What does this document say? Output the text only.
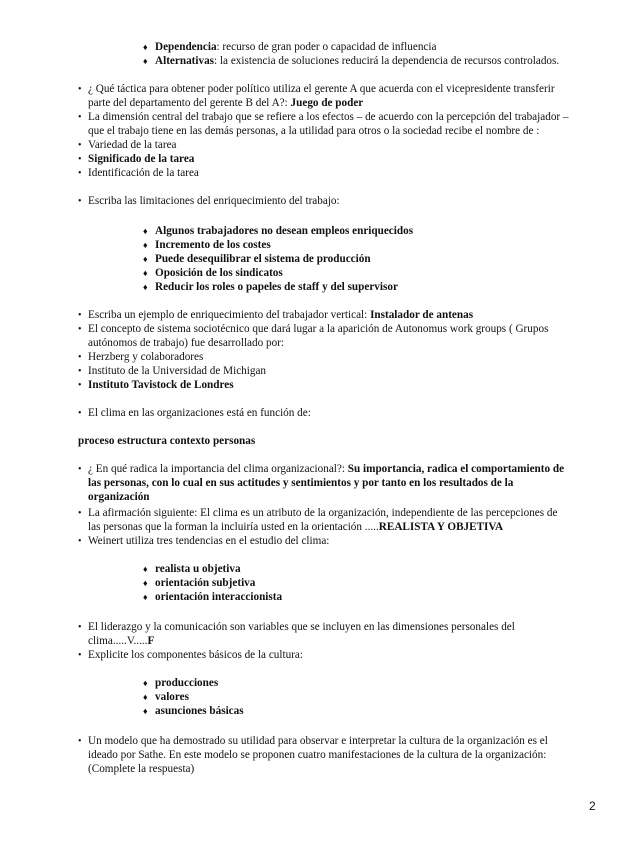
♦ Dependencia: recurso de gran poder o capacidad de influencia
♦ Alternativas: la existencia de soluciones reducirá la dependencia de recursos controlados.
• ¿ Qué táctica para obtener poder político utiliza el gerente A que acuerda con el vicepresidente transferir
parte del departamento del gerente B del A?: Juego de poder
• La dimensión central del trabajo que se refiere a los efectos – de acuerdo con la percepción del trabajador –
que el trabajo tiene en las demás personas, a la utilidad para otros o la sociedad recibe el nombre de :
• Variedad de la tarea
• Significado de la tarea
• Identificación de la tarea
• Escriba las limitaciones del enriquecimiento del trabajo:
♦ Algunos trabajadores no desean empleos enriquecidos
♦ Incremento de los costes
♦ Puede desequilibrar el sistema de producción
♦ Oposición de los sindicatos
♦ Reducir los roles o papeles de staff y del supervisor
• Escriba un ejemplo de enriquecimiento del trabajador vertical: Instalador de antenas
• El concepto de sistema sociotécnico que dará lugar a la aparición de Autonomus work groups ( Grupos
autónomos de trabajo) fue desarrollado por:
• Herzberg y colaboradores
• Instituto de la Universidad de Michigan
• Instituto Tavistock de Londres
• El clima en las organizaciones está en función de:
proceso estructura contexto personas
• ¿ En qué radica la importancia del clima organizacional?: Su importancia, radica el comportamiento de
las personas, con lo cual en sus actitudes y sentimientos y por tanto en los resultados de la
organización
• La afirmación siguiente: El clima es un atributo de la organización, independiente de las percepciones de
las personas que la forman la incluiría usted en la orientación .....REALISTA Y OBJETIVA
• Weinert utiliza tres tendencias en el estudio del clima:
♦ realista u objetiva
♦ orientación subjetiva
♦ orientación interaccionista
• El liderazgo y la comunicación son variables que se incluyen en las dimensiones personales del
clima.....V.....F
• Explicite los componentes básicos de la cultura:
♦ producciones
♦ valores
♦ asunciones básicas
• Un modelo que ha demostrado su utilidad para observar e interpretar la cultura de la organización es el
ideado por Sathe. En este modelo se proponen cuatro manifestaciones de la cultura de la organización:
(Complete la respuesta)
2
